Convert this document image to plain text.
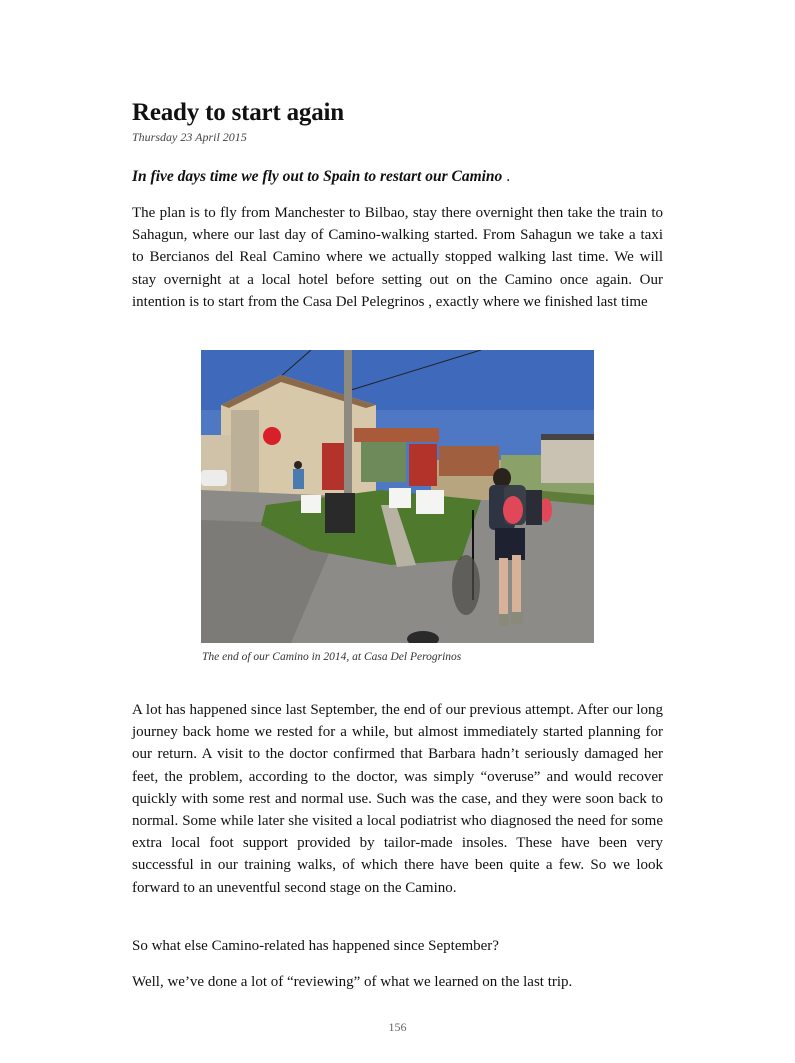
Ready to start again
Thursday 23 April 2015
In five days time we fly out to Spain to restart our Camino .

The plan is to fly from Manchester to Bilbao, stay there overnight then take the train to Sahagun, where our last day of Camino-walking started. From Sahagun we take a taxi to Bercianos del Real Camino where we actually stopped walking last time. We will stay overnight at a local hotel before setting out on the Camino once again. Our intention is to start from the Casa Del Pelegrinos , exactly where we finished last time

The end of our Camino in 2014, at Casa Del Perogrinos

A lot has happened since last September, the end of our previous attempt. After our long journey back home we rested for a while, but almost immediately started planning for our return. A visit to the doctor confirmed that Barbara hadn’t seriously damaged her feet, the problem, according to the doctor, was simply “overuse” and would recover quickly with some rest and normal use. Such was the case, and they were soon back to normal. Some while later she visited a local podiatrist who diagnosed the need for some extra local foot support provided by tailor-made insoles. These have been very successful in our training walks, of which there have been quite a few. So we look forward to an uneventful second stage on the Camino.

So what else Camino-related has happened since September?

Well, we’ve done a lot of “reviewing” of what we learned on the last trip.

156
